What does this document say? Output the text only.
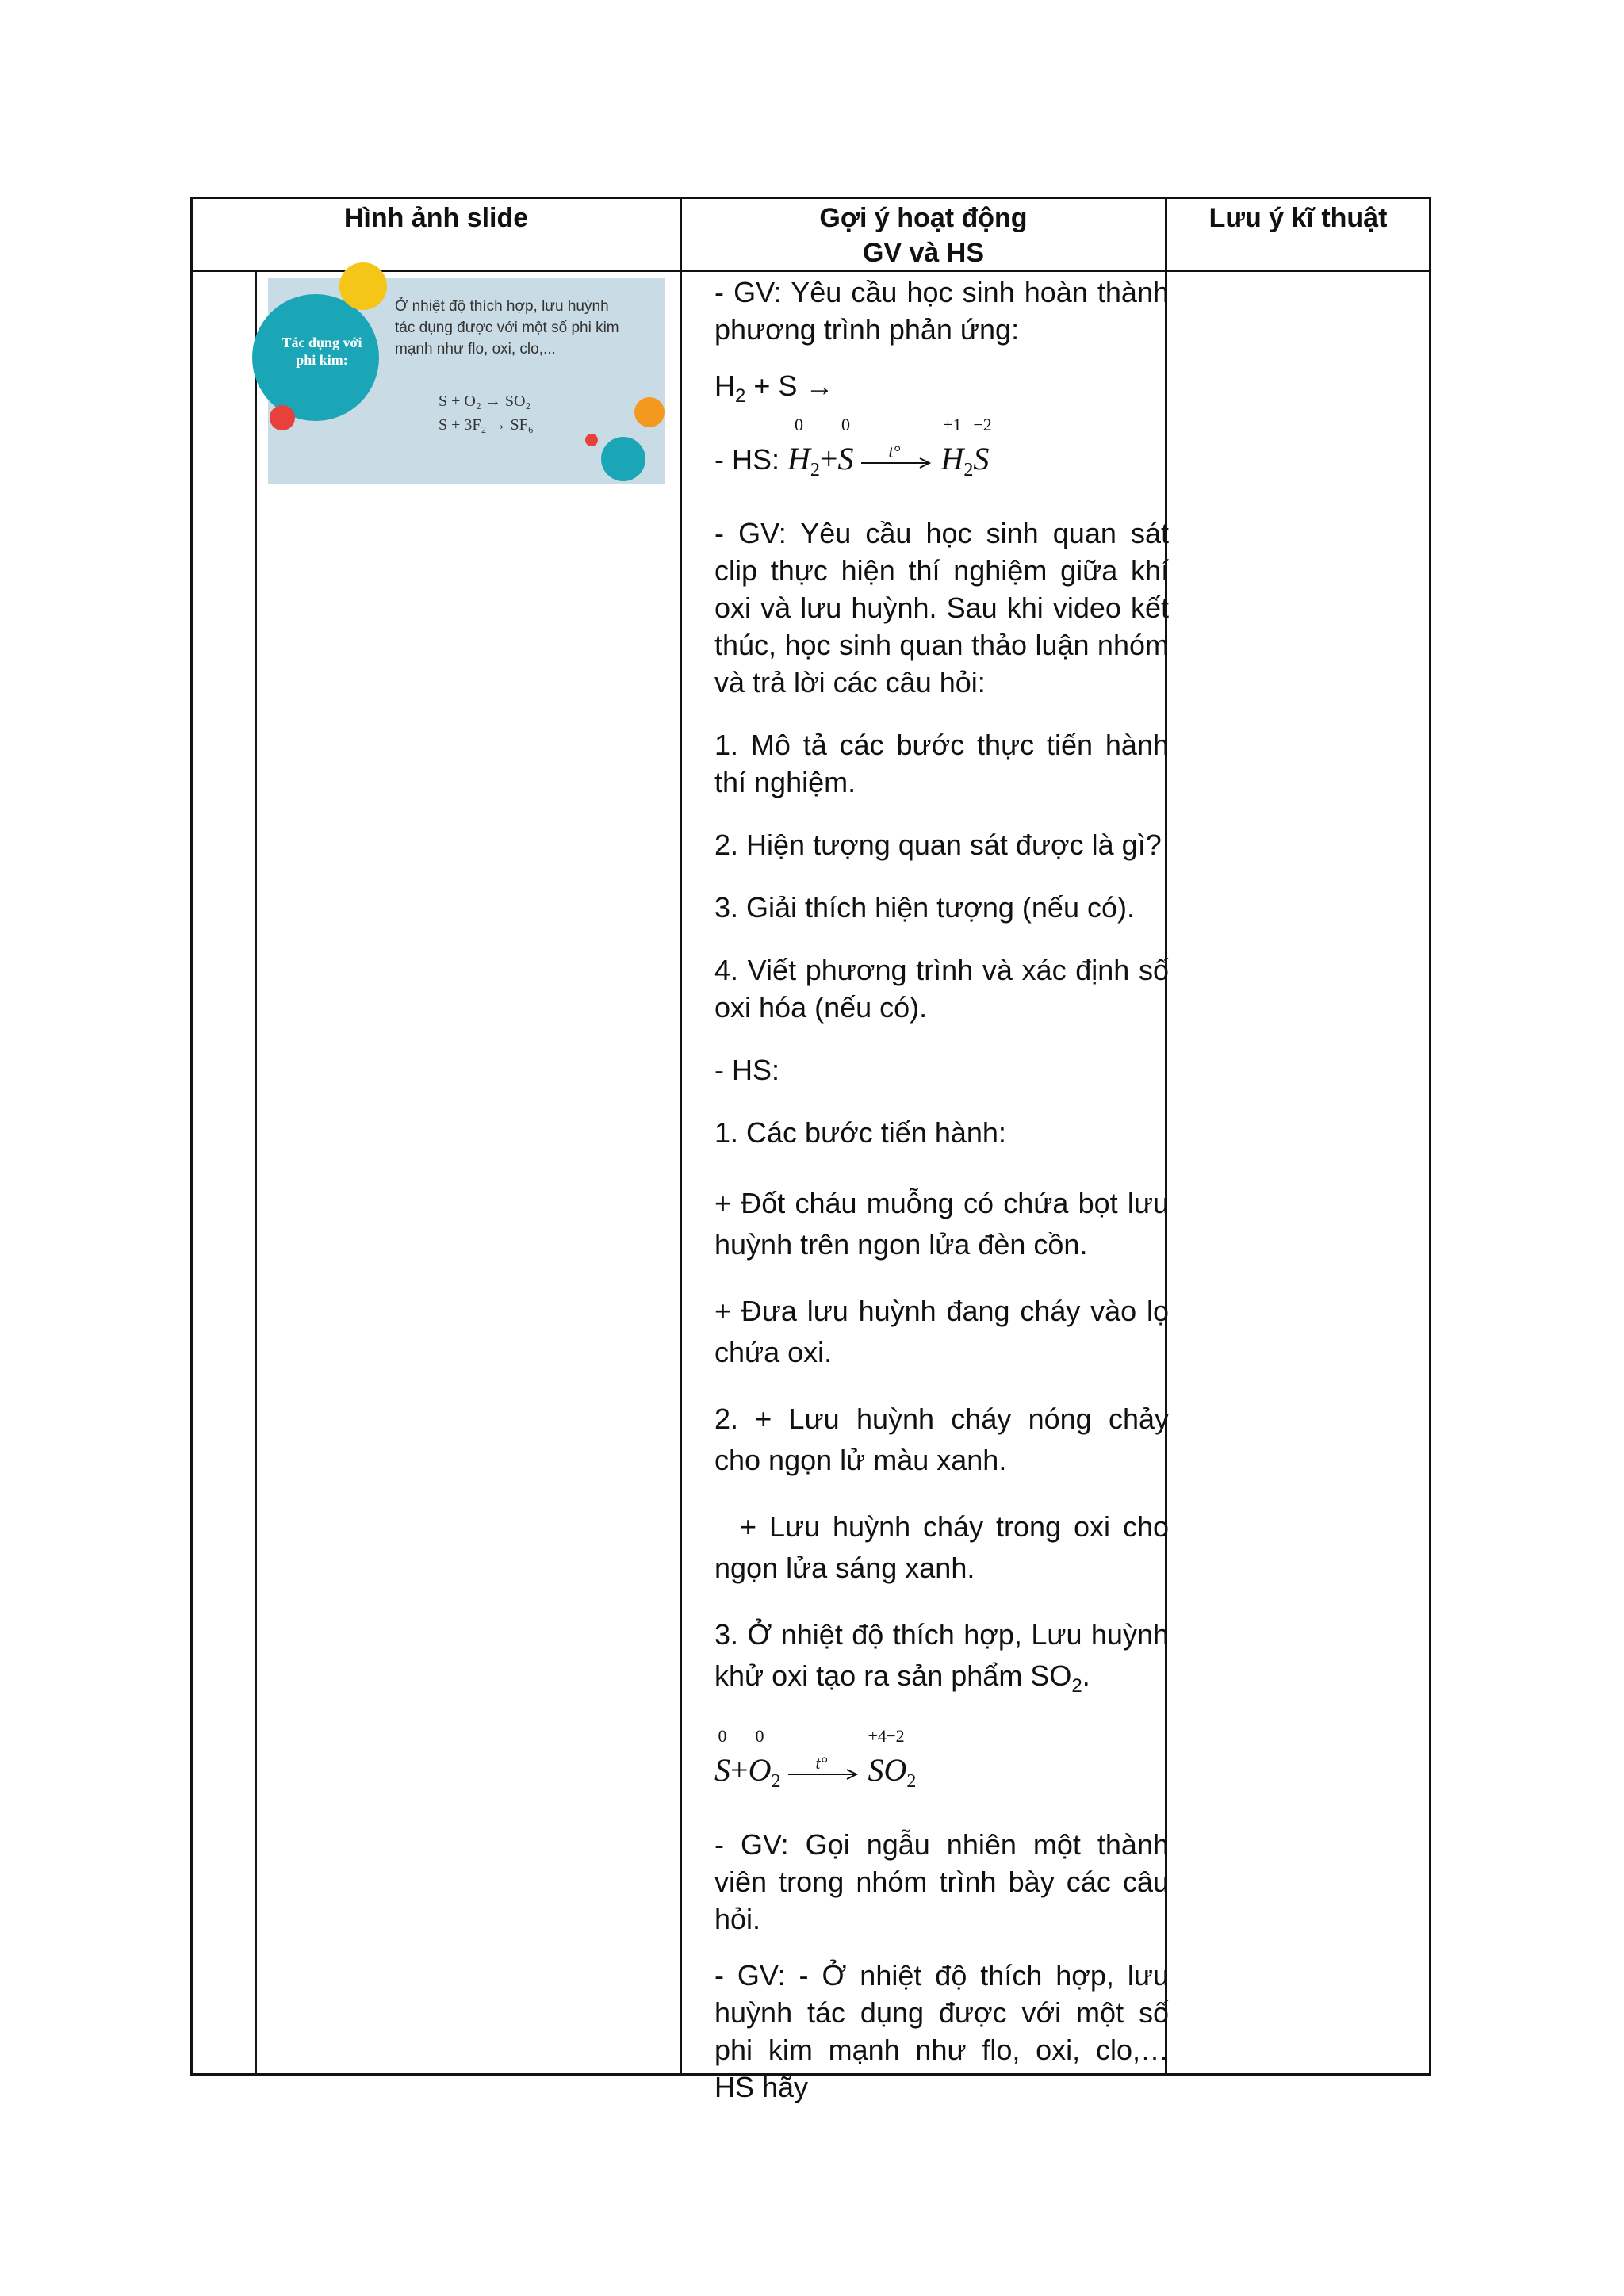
Hình ảnh slide	Gợi ý hoạt động
GV và HS
Lưu ý kĩ thuật
Tác dụng với phi kim:
Ở nhiệt độ thích hợp, lưu huỳnh tác dụng được với một số phi kim mạnh như flo, oxi, clo,...
S + O₂ → SO₂
S + 3F₂ → SF₆

- GV: Yêu cầu học sinh hoàn thành phương trình phản ứng:

$H_2 + S$ →

- HS:
0
$H_2+$
0
S t°

+1
$H_2$
−2
S

- GV: Yêu cầu học sinh quan sát clip thực hiện thí nghiệm giữa khí oxi và lưu huỳnh. Sau khi video kết thúc, học sinh quan thảo luận nhóm và trả lời các câu hỏi:

1. Mô tả các bước thực tiến hành thí nghiệm.

2. Hiện tượng quan sát được là gì?

3. Giải thích hiện tượng (nếu có).

4. Viết phương trình và xác định số oxi hóa (nếu có).

- HS:

1. Các bước tiến hành:

+ Đốt cháu muỗng có chứa bọt lưu huỳnh trên ngon lửa đèn cồn.

+ Đưa lưu huỳnh đang cháy vào lọ chứa oxi.

2. + Lưu huỳnh cháy nóng chảy cho ngọn lử màu xanh.

+ Lưu huỳnh cháy trong oxi cho ngọn lửa sáng xanh.

3. Ở nhiệt độ thích hợp, Lưu huỳnh khử oxi tạo ra sản phẩm $SO_2$.

0
S+
0
$O_2$
t°

+4
S
−2
$O_2$

- GV: Gọi ngẫu nhiên một thành viên trong nhóm trình bày các câu hỏi.

- GV: - Ở nhiệt độ thích hợp, lưu huỳnh tác dụng được với một số phi kim mạnh như flo, oxi, clo,… HS hãy
